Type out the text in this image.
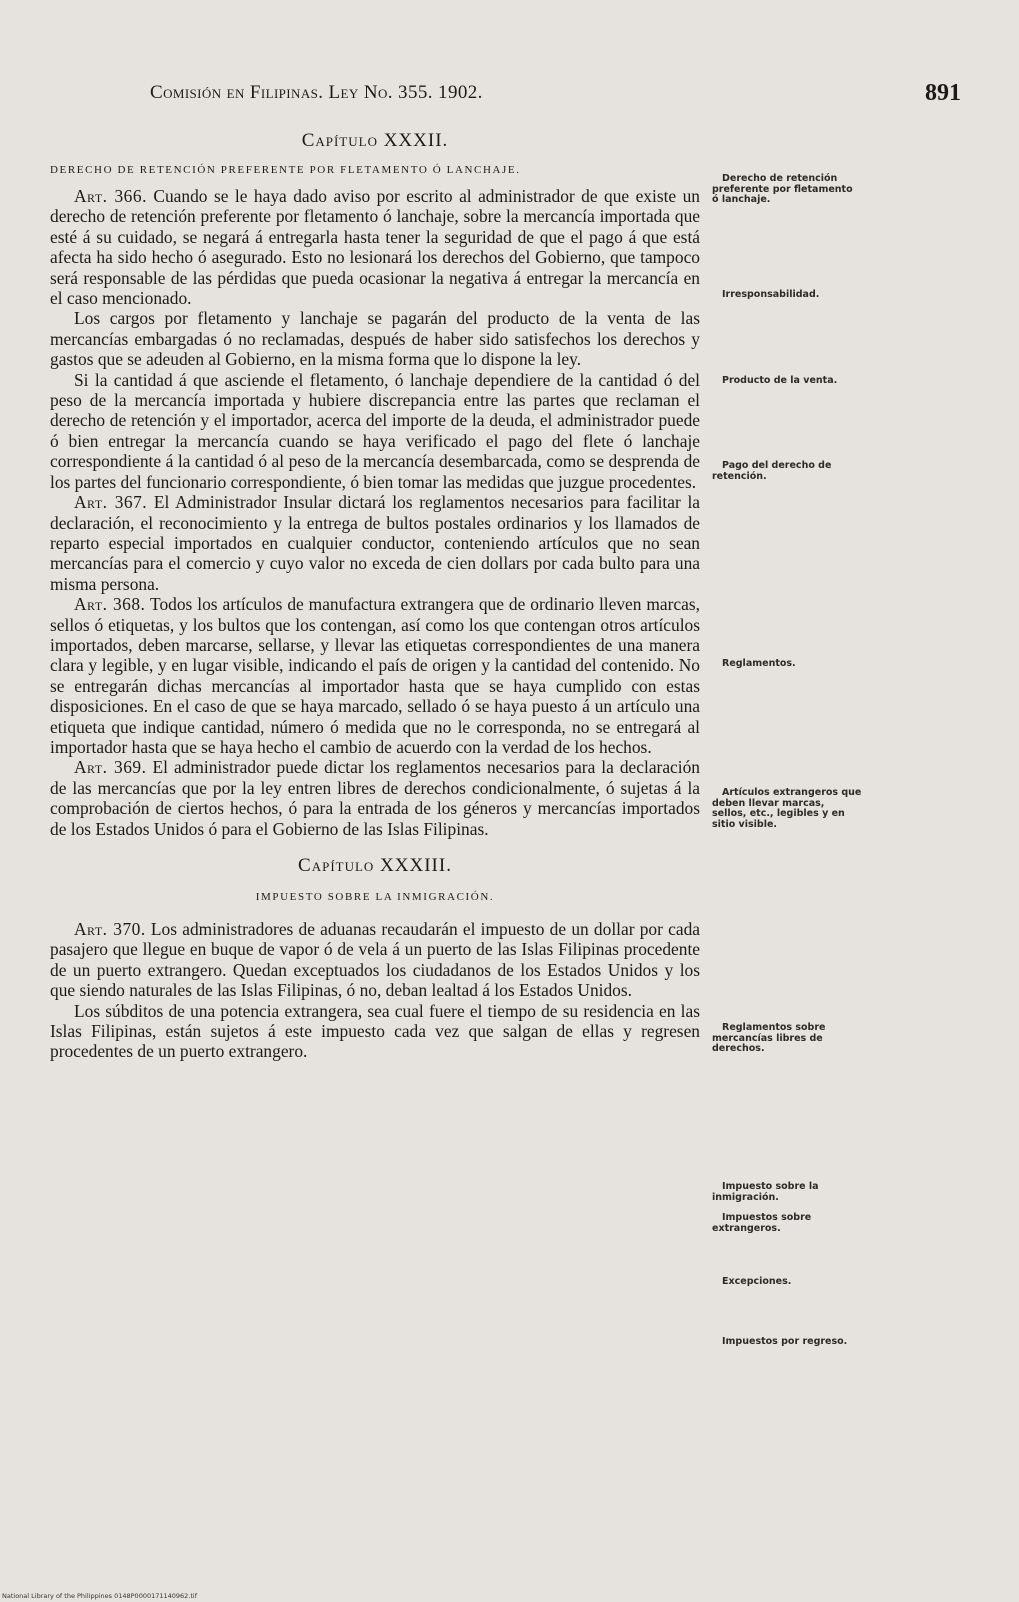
Comisión en Filipinas. Ley No. 355. 1902.	891
Capítulo XXXII.
DERECHO DE RETENCIÓN PREFERENTE POR FLETAMENTO Ó LANCHAJE.

Art. 366. Cuando se le haya dado aviso por escrito al administrador de que existe un derecho de retención preferente por fletamento ó lanchaje, sobre la mercancía importada que esté á su cuidado, se negará á entregarla hasta tener la seguridad de que el pago á que está afecta ha sido hecho ó asegurado. Esto no lesionará los derechos del Gobierno, que tampoco será responsable de las pérdidas que pueda ocasionar la negativa á entregar la mercancía en el caso mencionado.

Los cargos por fletamento y lanchaje se pagarán del producto de la venta de las mercancías embargadas ó no reclamadas, después de haber sido satisfechos los derechos y gastos que se adeuden al Gobierno, en la misma forma que lo dispone la ley.

Si la cantidad á que asciende el fletamento, ó lanchaje dependiere de la cantidad ó del peso de la mercancía importada y hubiere discrepancia entre las partes que reclaman el derecho de retención y el importador, acerca del importe de la deuda, el administrador puede ó bien entregar la mercancía cuando se haya verificado el pago del flete ó lanchaje correspondiente á la cantidad ó al peso de la mercancía desembarcada, como se desprenda de los partes del funcionario correspondiente, ó bien tomar las medidas que juzgue procedentes.

Art. 367. El Administrador Insular dictará los reglamentos necesarios para facilitar la declaración, el reconocimiento y la entrega de bultos postales ordinarios y los llamados de reparto especial importados en cualquier conductor, conteniendo artículos que no sean mercancías para el comercio y cuyo valor no exceda de cien dollars por cada bulto para una misma persona.

Art. 368. Todos los artículos de manufactura extrangera que de ordinario lleven marcas, sellos ó etiquetas, y los bultos que los contengan, así como los que contengan otros artículos importados, deben marcarse, sellarse, y llevar las etiquetas correspondientes de una manera clara y legible, y en lugar visible, indicando el país de origen y la cantidad del contenido. No se entregarán dichas mercancías al importador hasta que se haya cumplido con estas disposiciones. En el caso de que se haya marcado, sellado ó se haya puesto á un artículo una etiqueta que indique cantidad, número ó medida que no le corresponda, no se entregará al importador hasta que se haya hecho el cambio de acuerdo con la verdad de los hechos.

Art. 369. El administrador puede dictar los reglamentos necesarios para la declaración de las mercancías que por la ley entren libres de derechos condicionalmente, ó sujetas á la comprobación de ciertos hechos, ó para la entrada de los géneros y mercancías importados de los Estados Unidos ó para el Gobierno de las Islas Filipinas.

Capítulo XXXIII.
IMPUESTO SOBRE LA INMIGRACIÓN.

Art. 370. Los administradores de aduanas recaudarán el impuesto de un dollar por cada pasajero que llegue en buque de vapor ó de vela á un puerto de las Islas Filipinas procedente de un puerto extrangero. Quedan exceptuados los ciudadanos de los Estados Unidos y los que siendo naturales de las Islas Filipinas, ó no, deban lealtad á los Estados Unidos.

Los súbditos de una potencia extrangera, sea cual fuere el tiempo de su residencia en las Islas Filipinas, están sujetos á este impuesto cada vez que salgan de ellas y regresen procedentes de un puerto extrangero.

Derecho de retención preferente por fletamento ó lanchaje.
Irresponsabilidad.
Producto de la venta.
Pago del derecho de retención.
Reglamentos.
Artículos extrangeros que deben llevar marcas, sellos, etc., legibles y en sitio visible.
Reglamentos sobre mercancías libres de derechos.
Impuesto sobre la inmigración.
Impuestos sobre extrangeros.
Excepciones.
Impuestos por regreso.
National Library of the Philippines 0148P0000171140962.tif
